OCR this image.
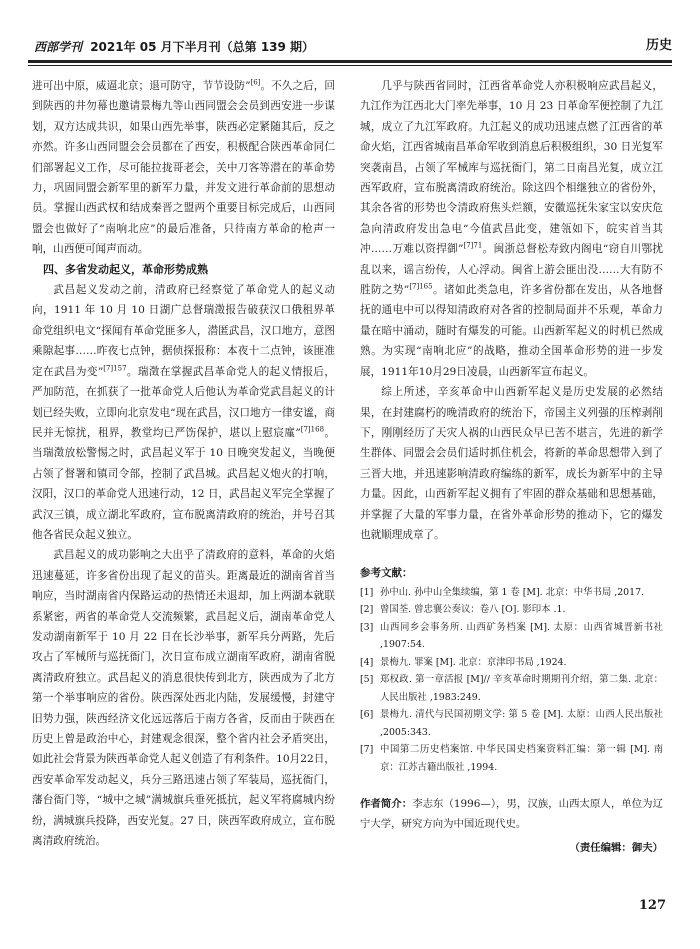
西部学刊 2021年 05 月下半月刊（总第 139 期）	历史

进可出中原，威逼北京；退可防守，节节设防”[6]。不久之后，回到陕西的井勿幕也邀请景梅九等山西同盟会会员到西安进一步谋划，双方达成共识，如果山西先举事，陕西必定紧随其后，反之亦然。许多山西同盟会会员都在了西安，积极配合陕西革命同仁们部署起义工作，尽可能拉拢哥老会，关中刀客等潜在的革命势力，巩固同盟会新军里的新军力量，并发文进行革命前的思想动员。掌握山西武权和结成秦晋之盟两个重要目标完成后，山西同盟会也做好了“南响北应”的最后准备，只待南方革命的枪声一响，山西便可闻声而动。

四、多省发动起义，革命形势成熟

武昌起义发动之前，清政府已经察觉了革命党人的起义动向，1911 年 10 月 10 日湖广总督瑞澂报告破获汉口俄租界革命党组织电文“探闻有革命党匪多人，潜匿武昌，汉口地方，意图乘隙起事……昨夜七点钟，据侦探报称：本夜十二点钟，该匪准定在武昌为变”$^{[7]157}$。瑞澂在掌握武昌革命党人的起义情报后，严加防范，在抓获了一批革命党人后他认为革命党武昌起义的计划已经失败，立即向北京发电“现在武昌，汉口地方一律安谧，商民并无惊扰，租界，教堂均已严饬保护，堪以上慰宸廑”$^{[7]168}$。当瑞澂放松警惕之时，武昌起义军于 10 日晚突发起义，当晚便占领了督署和镇司令部，控制了武昌城。武昌起义炮火的打响，汉阳，汉口的革命党人迅速行动，12 日，武昌起义军完全掌握了武汉三镇，成立湖北军政府，宣布脱离清政府的统治，并号召其他各省民众起义独立。

武昌起义的成功影响之大出乎了清政府的意料，革命的火焰迅速蔓延，许多省份出现了起义的苗头。距离最近的湖南省首当响应，当时湖南省内保路运动的热情还未退却，加上两湖本就联系紧密，两省的革命党人交流频繁，武昌起义后，湖南革命党人发动湖南新军于 10 月 22 日在长沙举事，新军兵分两路，先后攻占了军械所与巡抚衙门，次日宣布成立湖南军政府，湖南省脱离清政府独立。武昌起义的消息很快传到北方，陕西成为了北方第一个举事响应的省份。陕西深处西北内陆，发展缓慢，封建守旧势力强，陕西经济文化远远落后于南方各省，反而由于陕西在历史上曾是政治中心，封建观念很深，整个省内社会矛盾突出，如此社会背景为陕西革命党人起义创造了有利条件。10月22日，西安革命军发动起义，兵分三路迅速占领了军装局，巡抚衙门，藩台衙门等，“城中之城”满城旗兵垂死抵抗，起义军将腐城内纷纷，满城旗兵投降，西安光复。27 日，陕西军政府成立，宣布脱离清政府统治。

几乎与陕西省同时，江西省革命党人亦积极响应武昌起义，九江作为江西北大门率先举事，10 月 23 日革命军便控制了九江城，成立了九江军政府。九江起义的成功迅速点燃了江西省的革命火焰，江西省城南昌革命军收到消息后积极组织，30 日光复军突袭南昌，占领了军械库与巡抚衙门，第二日南昌光复，成立江西军政府，宣布脱离清政府统治。除这四个相继独立的省份外，其余各省的形势也令清政府焦头烂额，安徽巡抚朱家宝以安庆危急向清政府发出急电“今值武昌此变，建瓴如下，皖实首当其冲……万难以资捍御”$^{[7]71}$。闽浙总督松寿致内阁电“窃自川鄂扰乱以来，谣言纷传，人心浮动。闽省上游会匪出没……大有防不胜防之势”$^{[7]165}$。诸如此类急电，许多省份都在发出，从各地督抚的通电中可以得知清政府对各省的控制局面并不乐观，革命力量在暗中涌动，随时有爆发的可能。山西新军起义的时机已然成熟。为实现“南响北应”的战略，推动全国革命形势的进一步发展，1911年10月29日凌晨，山西新军宣布起义。

综上所述，辛亥革命中山西新军起义是历史发展的必然结果，在封建腐朽的晚清政府的统治下，帝国主义列强的压榨剥削下，刚刚经历了天灾人祸的山西民众早已苦不堪言，先进的新学生群体、同盟会会员们适时抓住机会，将新的革命思想带入到了三晋大地，并迅速影响清政府编练的新军，成长为新军中的主导力量。因此，山西新军起义拥有了牢固的群众基础和思想基础，并掌握了大量的军事力量，在省外革命形势的推动下，它的爆发也就顺理成章了。

参考文献：

[1] 孙中山. 孙中山全集续编，第 1 卷 [M]. 北京：中华书局 ,2017.

[2] 曾国荃. 曾忠襄公奏议：卷八 [O]. 影印本 .1.

[3] 山西同乡会事务所. 山西矿务档案 [M]. 太原：山西省城晋新书社 ,1907:54.

[4] 景梅九. 罪案 [M]. 北京：京津印书局 ,1924.

[5] 郑权政. 第一章活报 [M]// 辛亥革命时期期刊介绍，第二集. 北京：人民出版社 ,1983:249.

[6] 景梅九. 清代与民国初期文学: 第 5 卷 [M]. 太原：山西人民出版社 ,2005:343.

[7] 中国第二历史档案馆. 中华民国史档案资料汇编：第一辑 [M]. 南京：江苏古籍出版社 ,1994.

作者简介：李志东（1996—），男，汉族，山西太原人，单位为辽宁大学，研究方向为中国近现代史。

（责任编辑：御夫）

127
